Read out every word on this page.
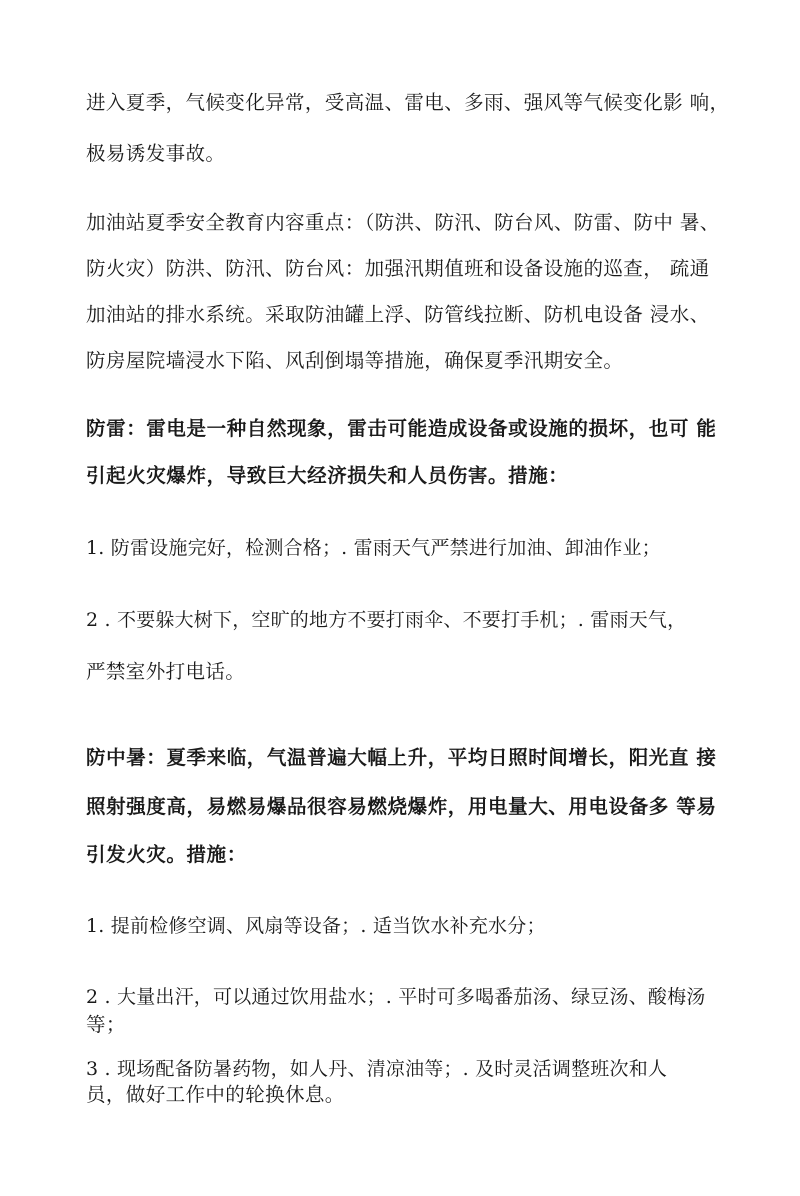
进入夏季，气候变化异常，受高温、雷电、多雨、强风等气候变化影 响，
极易诱发事故。
加油站夏季安全教育内容重点：（防洪、防汛、防台风、防雷、防中 暑、
防火灾）防洪、防汛、防台风：加强汛期值班和设备设施的巡查， 疏通
加油站的排水系统。采取防油罐上浮、防管线拉断、防机电设备 浸水、
防房屋院墙浸水下陷、风刮倒塌等措施，确保夏季汛期安全。
防雷：雷电是一种自然现象，雷击可能造成设备或设施的损坏，也可 能
引起火灾爆炸，导致巨大经济损失和人员伤害。措施：
1. 防雷设施完好，检测合格；. 雷雨天气严禁进行加油、卸油作业；
2 . 不要躲大树下，空旷的地方不要打雨伞、不要打手机；. 雷雨天气，
严禁室外打电话。
防中暑：夏季来临，气温普遍大幅上升，平均日照时间增长，阳光直 接
照射强度高，易燃易爆品很容易燃烧爆炸，用电量大、用电设备多 等易
引发火灾。措施：
1. 提前检修空调、风扇等设备；. 适当饮水补充水分；
2 . 大量出汗，可以通过饮用盐水；. 平时可多喝番茄汤、绿豆汤、酸梅汤
等；
3 . 现场配备防暑药物，如人丹、清凉油等；. 及时灵活调整班次和人
员，做好工作中的轮换休息。
